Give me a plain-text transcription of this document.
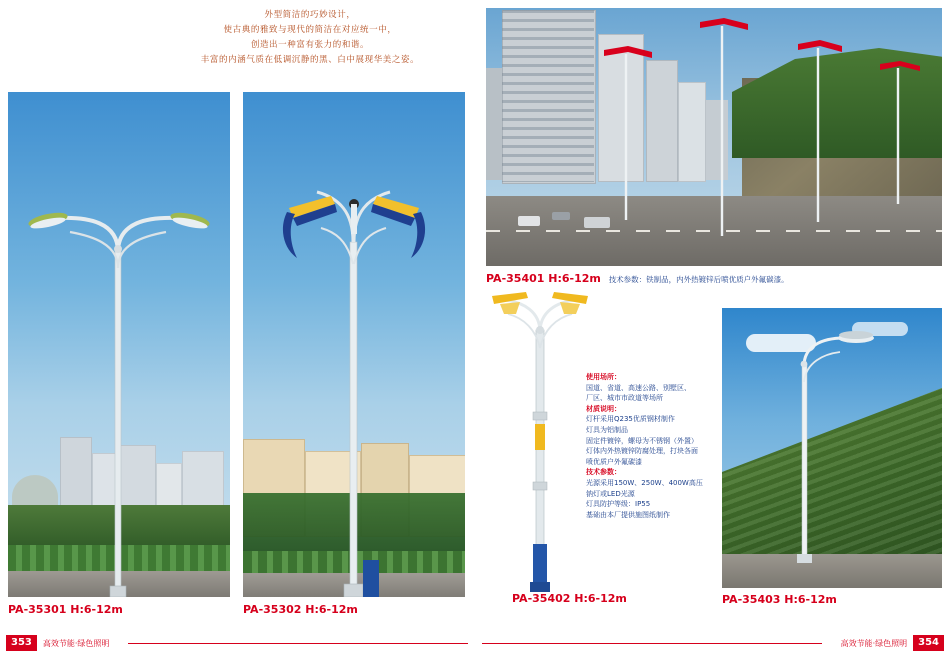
外型简洁的巧妙设计，
使古典的雅致与现代的简洁在对应统一中，
创造出一种富有张力的和谐。
丰富的内涵气质在低调沉静的黑、白中展现华美之姿。
PA-35301 H:6-12m	PA-35302 H:6-12m
PA-35401 H:6-12m 技术参数：铁制品，内外热镀锌后喷优质户外氟碳漆。
PA-35402 H:6-12m
使用场所：
国道、省道、高速公路、别墅区、
厂区、城市市政道等场所
材质说明：
灯杆采用Q235优质钢材制作
灯具为铝制品
固定件镀锌，螺母为不锈钢（外置）
灯体内外热镀锌防腐处理，打块各面
喷优质户外氟碳漆
技术参数：
光源采用150W、250W、400W高压
钠灯或LED光源
灯具防护等级：IP55
基础由本厂提供施图纸制作
PA-35403 H:6-12m
353	高效节能·绿色照明	高效节能·绿色照明	354
